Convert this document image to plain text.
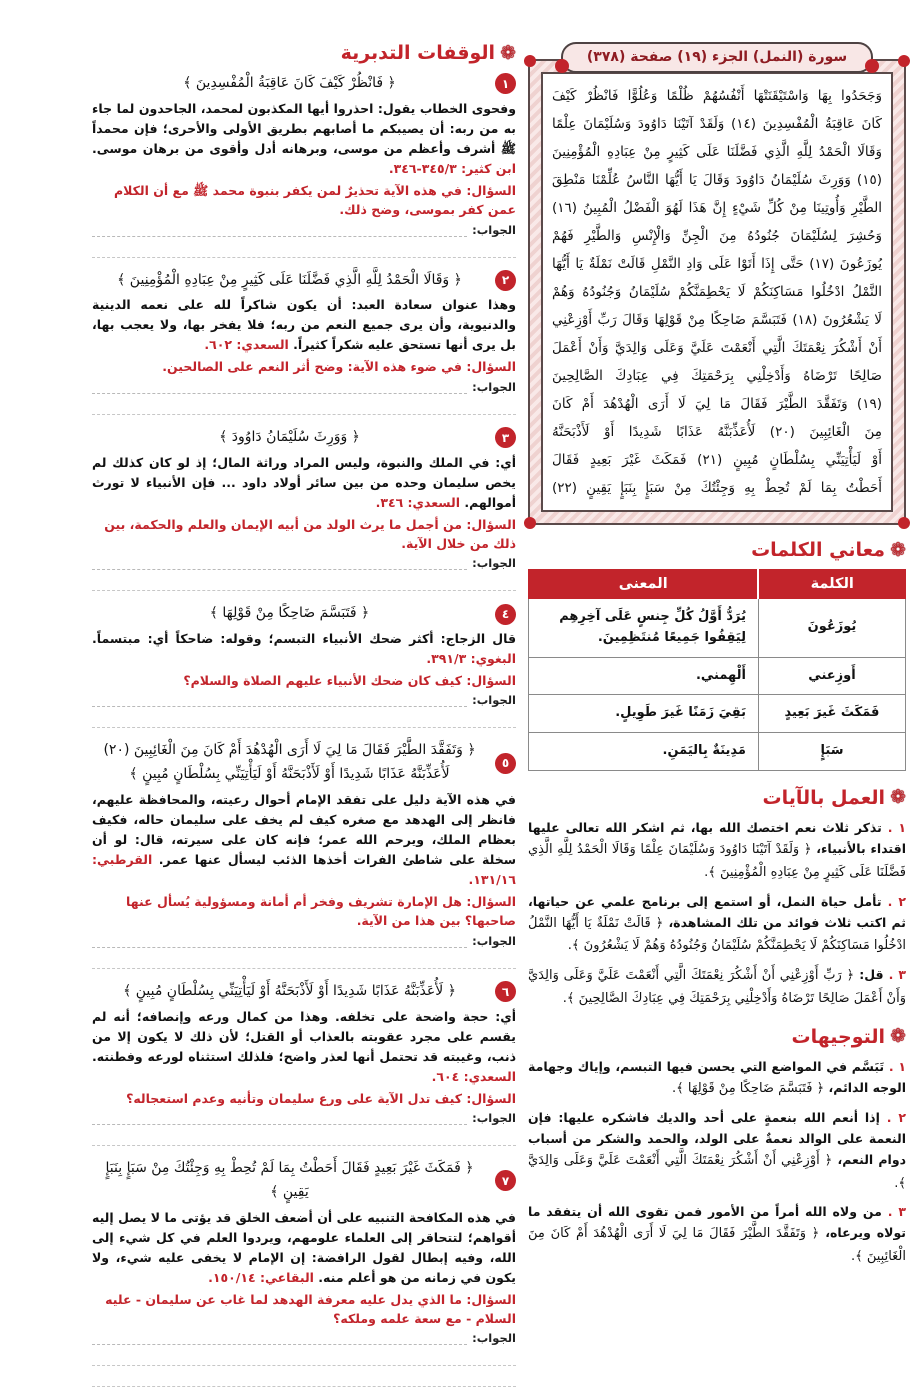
سورة (النمل) الجزء (١٩) صفحة (٣٧٨)
وَجَحَدُوا بِهَا وَاسْتَيْقَنَتْهَا أَنْفُسُهُمْ ظُلْمًا وَعُلُوًّا فَانْظُرْ كَيْفَ
كَانَ عَاقِبَةُ الْمُفْسِدِينَ (١٤) وَلَقَدْ آتَيْنَا دَاوُودَ وَسُلَيْمَانَ عِلْمًا
وَقَالَا الْحَمْدُ لِلَّهِ الَّذِي فَضَّلَنَا عَلَى كَثِيرٍ مِنْ عِبَادِهِ الْمُؤْمِنِينَ
(١٥) وَوَرِثَ سُلَيْمَانُ دَاوُودَ وَقَالَ يَا أَيُّهَا النَّاسُ عُلِّمْنَا مَنْطِقَ
الطَّيْرِ وَأُوتِينَا مِنْ كُلِّ شَيْءٍ إِنَّ هَذَا لَهُوَ الْفَضْلُ الْمُبِينُ (١٦)
وَحُشِرَ لِسُلَيْمَانَ جُنُودُهُ مِنَ الْجِنِّ وَالْإِنْسِ وَالطَّيْرِ فَهُمْ
يُوزَعُونَ (١٧) حَتَّى إِذَا أَتَوْا عَلَى وَادِ النَّمْلِ قَالَتْ نَمْلَةٌ يَا أَيُّهَا
النَّمْلُ ادْخُلُوا مَسَاكِنَكُمْ لَا يَحْطِمَنَّكُمْ سُلَيْمَانُ وَجُنُودُهُ وَهُمْ
لَا يَشْعُرُونَ (١٨) فَتَبَسَّمَ ضَاحِكًا مِنْ قَوْلِهَا وَقَالَ رَبِّ أَوْزِعْنِي
أَنْ أَشْكُرَ نِعْمَتَكَ الَّتِي أَنْعَمْتَ عَلَيَّ وَعَلَى وَالِدَيَّ وَأَنْ أَعْمَلَ
صَالِحًا تَرْضَاهُ وَأَدْخِلْنِي بِرَحْمَتِكَ فِي عِبَادِكَ الصَّالِحِينَ
(١٩) وَتَفَقَّدَ الطَّيْرَ فَقَالَ مَا لِيَ لَا أَرَى الْهُدْهُدَ أَمْ كَانَ
مِنَ الْغَائِبِينَ (٢٠) لَأُعَذِّبَنَّهُ عَذَابًا شَدِيدًا أَوْ لَأَذْبَحَنَّهُ
أَوْ لَيَأْتِيَنِّي بِسُلْطَانٍ مُبِينٍ (٢١) فَمَكَثَ غَيْرَ بَعِيدٍ فَقَالَ
أَحَطْتُ بِمَا لَمْ تُحِطْ بِهِ وَجِئْتُكَ مِنْ سَبَإٍ بِنَبَإٍ يَقِينٍ (٢٢)
❁
معاني الكلمات
الكلمة	المعنى
يُوزَعُونَ	يُرَدُّ أَوَّلُ كُلِّ جِنسٍ عَلَى آخِرِهِم لِيَقِفُوا جَمِيعًا مُنتَظِمِينَ.
أَوزِعني	أَلْهِمني.
فَمَكَثَ غَيرَ بَعِيدٍ	بَقِيَ زَمَنًا غَيرَ طَوِيلٍ.
سَبَإٍ	مَدِينَةٌ بِاليَمَنِ.
❁
العمل بالآيات

١ . تذكر ثلاث نعم اختصك الله بها، ثم اشكر الله تعالى عليها اقتداء بالأنبياء، ﴿ وَلَقَدْ آتَيْنَا دَاوُودَ وَسُلَيْمَانَ عِلْمًا وَقَالَا الْحَمْدُ لِلَّهِ الَّذِي فَضَّلَنَا عَلَى كَثِيرٍ مِنْ عِبَادِهِ الْمُؤْمِنِينَ ﴾.

٢ . تأمل حياة النمل، أو استمع إلى برنامج علمي عن حياتها، ثم اكتب ثلاث فوائد من تلك المشاهدة، ﴿ قَالَتْ نَمْلَةٌ يَا أَيُّهَا النَّمْلُ ادْخُلُوا مَسَاكِنَكُمْ لَا يَحْطِمَنَّكُمْ سُلَيْمَانُ وَجُنُودُهُ وَهُمْ لَا يَشْعُرُونَ ﴾.

٣ . قل: ﴿ رَبِّ أَوْزِعْنِي أَنْ أَشْكُرَ نِعْمَتَكَ الَّتِي أَنْعَمْتَ عَلَيَّ وَعَلَى وَالِدَيَّ وَأَنْ أَعْمَلَ صَالِحًا تَرْضَاهُ وَأَدْخِلْنِي بِرَحْمَتِكَ فِي عِبَادِكَ الصَّالِحِينَ ﴾.

❁
التوجيهات

١ . تَبَسَّم في المواضع التي يحسن فيها التبسم، وإياك وجهامة الوجه الدائم، ﴿ فَتَبَسَّمَ ضَاحِكًا مِنْ قَوْلِهَا ﴾.

٢ . إذا أنعم الله بنعمةٍ على أحد والديك فاشكره عليها: فإن النعمة على الوالد نعمةٌ على الولد، والحمد والشكر من أسباب دوام النعم، ﴿ أَوْزِعْنِي أَنْ أَشْكُرَ نِعْمَتَكَ الَّتِي أَنْعَمْتَ عَلَيَّ وَعَلَى وَالِدَيَّ ﴾.

٣ . من ولاه الله أمراً من الأمور فمن تقوى الله أن يتفقد ما تولاه ويرعاه، ﴿ وَتَفَقَّدَ الطَّيْرَ فَقَالَ مَا لِيَ لَا أَرَى الْهُدْهُدَ أَمْ كَانَ مِنَ الْغَائِبِينَ ﴾.

❁
الوقفات التدبرية
١
﴿ فَانْظُرْ كَيْفَ كَانَ عَاقِبَةُ الْمُفْسِدِينَ ﴾

وفحوى الخطاب يقول: احذروا أيها المكذبون لمحمد، الجاحدون لما جاء به من ربه: أن يصيبكم ما أصابهم بطريق الأولى والأحرى؛ فإن محمداً ﷺ أشرف وأعظم من موسى، وبرهانه أدل وأقوى من برهان موسى. ابن كثير: ٣٤٥/٣-٣٤٦.

السؤال: في هذه الآية تحذيرٌ لمن يكفر بنبوة محمد ﷺ مع أن الكلام عمن كفر بموسى، وضح ذلك.

الجواب:
٢
﴿ وَقَالَا الْحَمْدُ لِلَّهِ الَّذِي فَضَّلَنَا عَلَى كَثِيرٍ مِنْ عِبَادِهِ الْمُؤْمِنِينَ ﴾

وهذا عنوان سعادة العبد: أن يكون شاكراً لله على نعمه الدينية والدنيوية، وأن يرى جميع النعم من ربه؛ فلا يفخر بها، ولا يعجب بها، بل يرى أنها تستحق عليه شكراً كثيراً. السعدي: ٦٠٢.

السؤال: في ضوء هذه الآية: وضح أثر النعم على الصالحين.

الجواب:
٣
﴿ وَوَرِثَ سُلَيْمَانُ دَاوُودَ ﴾

أي: في الملك والنبوة، وليس المراد وراثة المال؛ إذ لو كان كذلك لم يخص سليمان وحده من بين سائر أولاد داود ... فإن الأنبياء لا تورث أموالهم. السعدي: ٣٤٦.

السؤال: من أجمل ما يرث الولد من أبيه الإيمان والعلم والحكمة، بين ذلك من خلال الآية.

الجواب:
٤
﴿ فَتَبَسَّمَ ضَاحِكًا مِنْ قَوْلِهَا ﴾

قال الزجاج: أكثر ضحك الأنبياء التبسم؛ وقوله: ضاحكاً أي: مبتسماً. البغوي: ٣٩١/٣.

السؤال: كيف كان ضحك الأنبياء عليهم الصلاة والسلام؟

الجواب:
٥
﴿ وَتَفَقَّدَ الطَّيْرَ فَقَالَ مَا لِيَ لَا أَرَى الْهُدْهُدَ أَمْ كَانَ مِنَ الْغَائِبِينَ (٢٠) لَأُعَذِّبَنَّهُ عَذَابًا شَدِيدًا أَوْ لَأَذْبَحَنَّهُ أَوْ لَيَأْتِيَنِّي بِسُلْطَانٍ مُبِينٍ ﴾

في هذه الآية دليل على تفقد الإمام أحوال رعيته، والمحافظة عليهم، فانظر إلى الهدهد مع صغره كيف لم يخف على سليمان حاله، فكيف بعظام الملك، ويرحم الله عمر؛ فإنه كان على سيرته، قال: لو أن سخلة على شاطئ الفرات أخذها الذئب ليسأل عنها عمر. القرطبي: ١٣١/١٦.

السؤال: هل الإمارة تشريف وفخر أم أمانة ومسؤولية يُسأل عنها صاحبها؟ بين هذا من الآية.

الجواب:
٦
﴿ لَأُعَذِّبَنَّهُ عَذَابًا شَدِيدًا أَوْ لَأَذْبَحَنَّهُ أَوْ لَيَأْتِيَنِّي بِسُلْطَانٍ مُبِينٍ ﴾

أي: حجة واضحة على تخلفه. وهذا من كمال ورعه وإنصافه؛ أنه لم يقسم على مجرد عقوبته بالعذاب أو القتل؛ لأن ذلك لا يكون إلا من ذنب، وغيبته قد تحتمل أنها لعذر واضح؛ فلذلك استثناه لورعه وفطنته. السعدي: ٦٠٤.

السؤال: كيف تدل الآية على ورع سليمان وتأنيه وعدم استعجاله؟

الجواب:
٧
﴿ فَمَكَثَ غَيْرَ بَعِيدٍ فَقَالَ أَحَطْتُ بِمَا لَمْ تُحِطْ بِهِ وَجِئْتُكَ مِنْ سَبَإٍ بِنَبَإٍ يَقِينٍ ﴾

في هذه المكافحة التنبيه على أن أضعف الخلق قد يؤتى ما لا يصل إليه أقواهم؛ لتتحاقر إلى العلماء علومهم، ويردوا العلم في كل شيء إلى الله، وفيه إبطال لقول الرافضة: إن الإمام لا يخفى عليه شيء، ولا يكون في زمانه من هو أعلم منه. البقاعي: ١٥٠/١٤.

السؤال: ما الذي يدل عليه معرفة الهدهد لما غاب عن سليمان - عليه السلام - مع سعة علمه وملكه؟

الجواب:
